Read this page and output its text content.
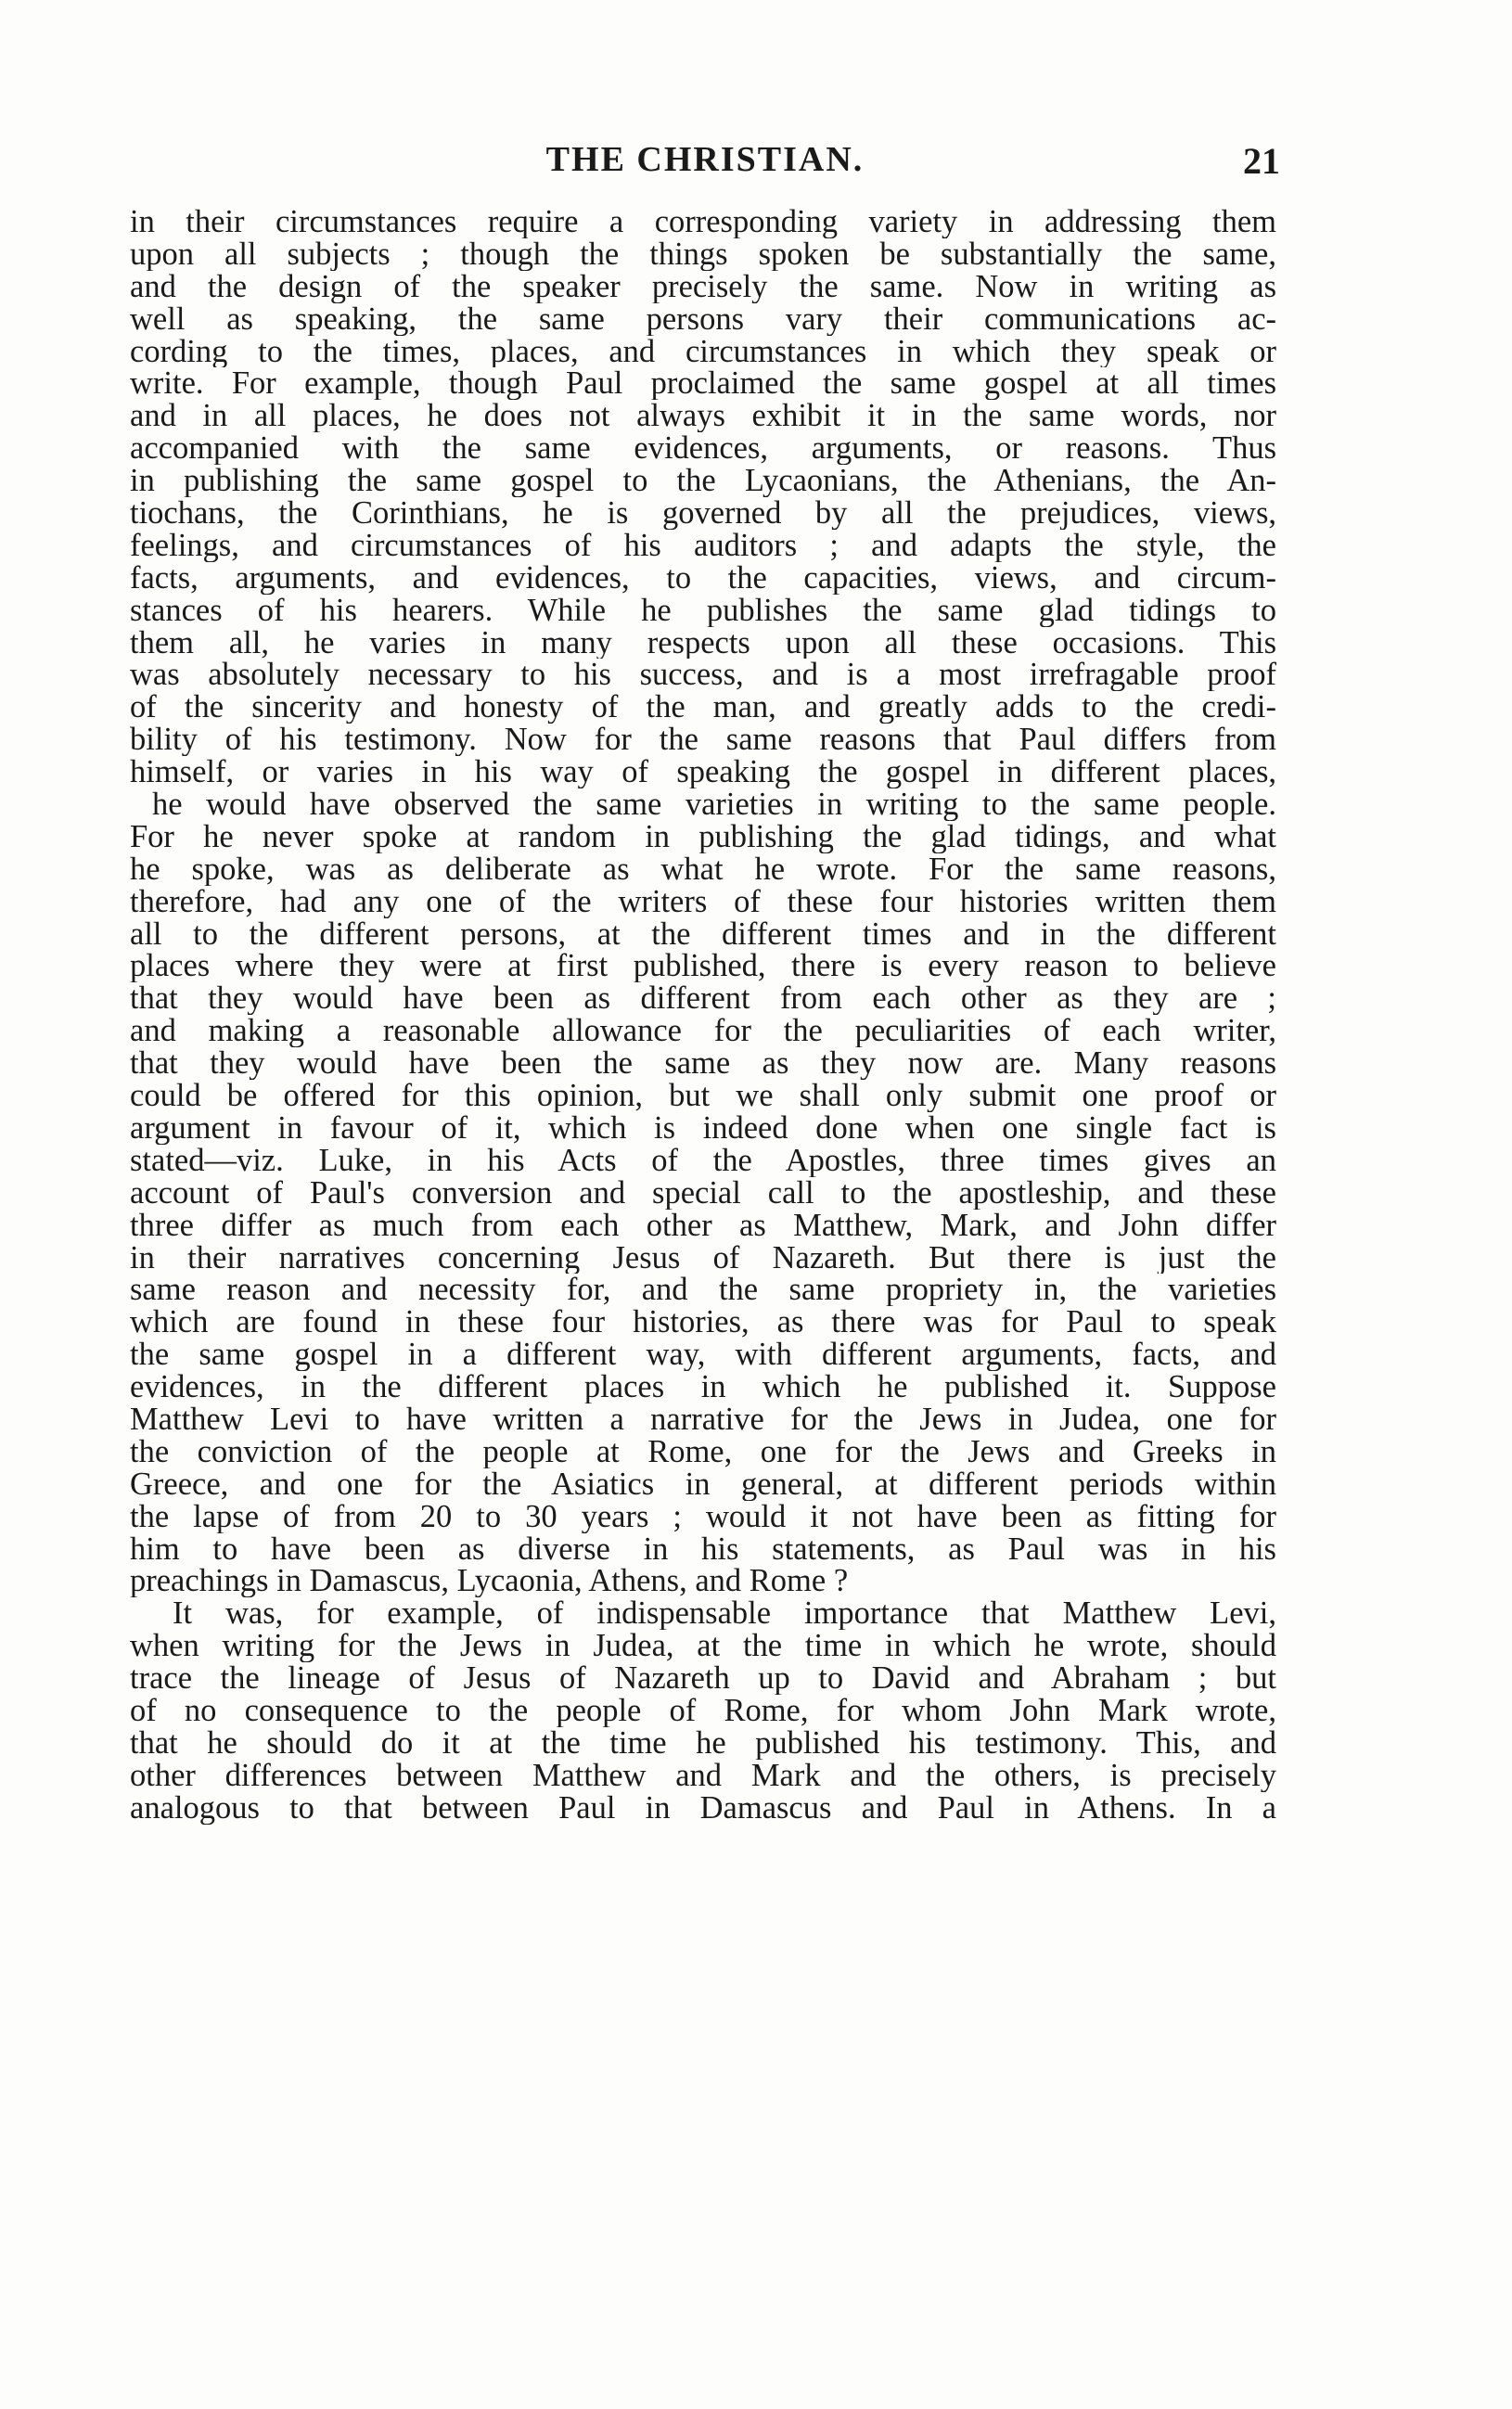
THE CHRISTIAN.	21
in their circumstances require a corresponding variety in addressing them
upon all subjects ; though the things spoken be substantially the same,
and the design of the speaker precisely the same. Now in writing as
well as speaking, the same persons vary their communications ac-
cording to the times, places, and circumstances in which they speak or
write. For example, though Paul proclaimed the same gospel at all times
and in all places, he does not always exhibit it in the same words, nor
accompanied with the same evidences, arguments, or reasons. Thus
in publishing the same gospel to the Lycaonians, the Athenians, the An-
tiochans, the Corinthians, he is governed by all the prejudices, views,
feelings, and circumstances of his auditors ; and adapts the style, the
facts, arguments, and evidences, to the capacities, views, and circum-
stances of his hearers. While he publishes the same glad tidings to
them all, he varies in many respects upon all these occasions. This
was absolutely necessary to his success, and is a most irrefragable proof
of the sincerity and honesty of the man, and greatly adds to the credi-
bility of his testimony. Now for the same reasons that Paul differs from
himself, or varies in his way of speaking the gospel in different places,
he would have observed the same varieties in writing to the same people.
For he never spoke at random in publishing the glad tidings, and what
he spoke, was as deliberate as what he wrote. For the same reasons,
therefore, had any one of the writers of these four histories written them
all to the different persons, at the different times and in the different
places where they were at first published, there is every reason to believe
that they would have been as different from each other as they are ;
and making a reasonable allowance for the peculiarities of each writer,
that they would have been the same as they now are. Many reasons
could be offered for this opinion, but we shall only submit one proof or
argument in favour of it, which is indeed done when one single fact is
stated—viz. Luke, in his Acts of the Apostles, three times gives an
account of Paul's conversion and special call to the apostleship, and these
three differ as much from each other as Matthew, Mark, and John differ
in their narratives concerning Jesus of Nazareth. But there is just the
same reason and necessity for, and the same propriety in, the varieties
which are found in these four histories, as there was for Paul to speak
the same gospel in a different way, with different arguments, facts, and
evidences, in the different places in which he published it. Suppose
Matthew Levi to have written a narrative for the Jews in Judea, one for
the conviction of the people at Rome, one for the Jews and Greeks in
Greece, and one for the Asiatics in general, at different periods within
the lapse of from 20 to 30 years ; would it not have been as fitting for
him to have been as diverse in his statements, as Paul was in his
preachings in Damascus, Lycaonia, Athens, and Rome ?
It was, for example, of indispensable importance that Matthew Levi,
when writing for the Jews in Judea, at the time in which he wrote, should
trace the lineage of Jesus of Nazareth up to David and Abraham ; but
of no consequence to the people of Rome, for whom John Mark wrote,
that he should do it at the time he published his testimony. This, and
other differences between Matthew and Mark and the others, is precisely
analogous to that between Paul in Damascus and Paul in Athens. In a
